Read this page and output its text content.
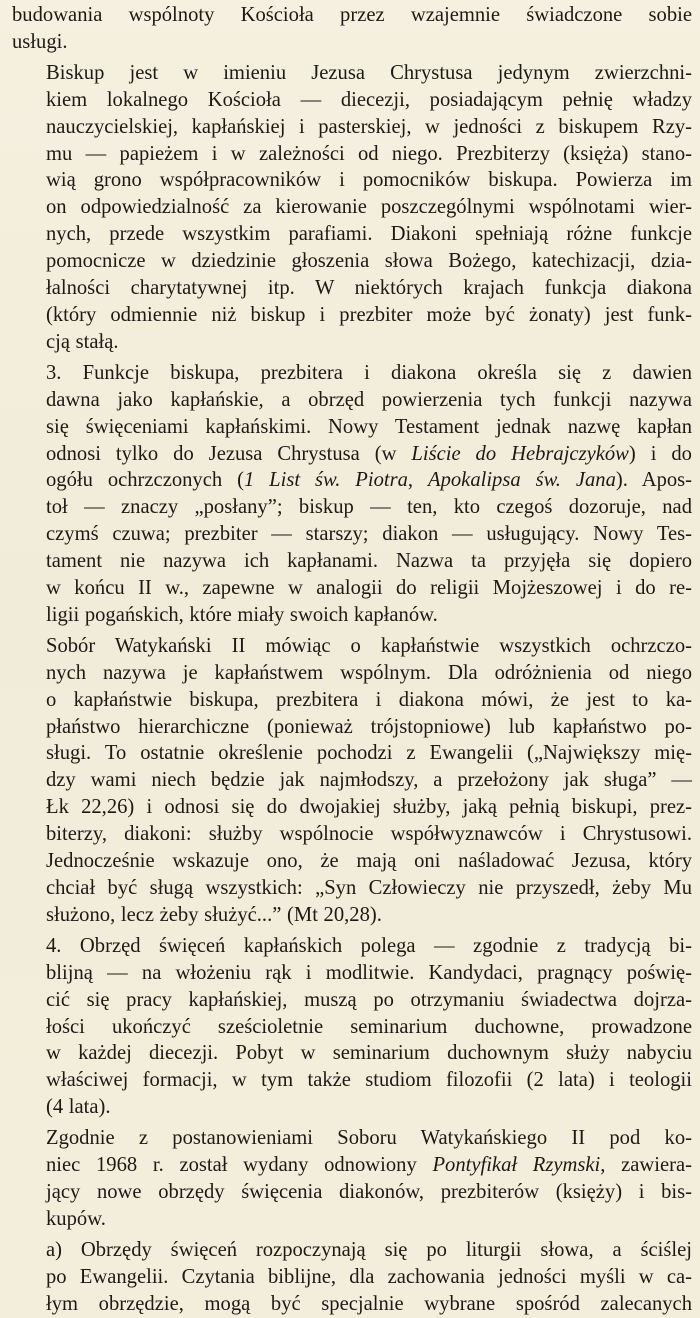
budowania wspólnoty Kościoła przez wzajemnie świadczone sobie
usługi.

Biskup jest w imieniu Jezusa Chrystusa jedynym zwierzchni-
kiem lokalnego Kościoła — diecezji, posiadającym pełnię władzy
nauczycielskiej, kapłańskiej i pasterskiej, w jedności z biskupem Rzy-
mu — papieżem i w zależności od niego. Prezbiterzy (księża) stano-
wią grono współpracowników i pomocników biskupa. Powierza im
on odpowiedzialność za kierowanie poszczególnymi wspólnotami wier-
nych, przede wszystkim parafiami. Diakoni spełniają różne funkcje
pomocnicze w dziedzinie głoszenia słowa Bożego, katechizacji, dzia-
łalności charytatywnej itp. W niektórych krajach funkcja diakona
(który odmiennie niż biskup i prezbiter może być żonaty) jest funk-
cją stałą.

3. Funkcje biskupa, prezbitera i diakona określa się z dawien
dawna jako kapłańskie, a obrzęd powierzenia tych funkcji nazywa
się święceniami kapłańskimi. Nowy Testament jednak nazwę kapłan
odnosi tylko do Jezusa Chrystusa (w Liście do Hebrajczyków) i do
ogółu ochrzczonych (1 List św. Piotra, Apokalipsa św. Jana). Apos-
toł — znaczy „posłany”; biskup — ten, kto czegoś dozoruje, nad
czymś czuwa; prezbiter — starszy; diakon — usługujący. Nowy Tes-
tament nie nazywa ich kapłanami. Nazwa ta przyjęła się dopiero
w końcu II w., zapewne w analogii do religii Mojżeszowej i do re-
ligii pogańskich, które miały swoich kapłanów.

Sobór Watykański II mówiąc o kapłaństwie wszystkich ochrzczo-
nych nazywa je kapłaństwem wspólnym. Dla odróżnienia od niego
o kapłaństwie biskupa, prezbitera i diakona mówi, że jest to ka-
płaństwo hierarchiczne (ponieważ trójstopniowe) lub kapłaństwo po-
sługi. To ostatnie określenie pochodzi z Ewangelii („Największy mię-
dzy wami niech będzie jak najmłodszy, a przełożony jak sługa” —
Łk 22,26) i odnosi się do dwojakiej służby, jaką pełnią biskupi, prez-
biterzy, diakoni: służby wspólnocie współwyznawców i Chrystusowi.
Jednocześnie wskazuje ono, że mają oni naśladować Jezusa, który
chciał być sługą wszystkich: „Syn Człowieczy nie przyszedł, żeby Mu
służono, lecz żeby służyć...” (Mt 20,28).

4. Obrzęd święceń kapłańskich polega — zgodnie z tradycją bi-
blijną — na włożeniu rąk i modlitwie. Kandydaci, pragnący poświę-
cić się pracy kapłańskiej, muszą po otrzymaniu świadectwa dojrza-
łości ukończyć sześcioletnie seminarium duchowne, prowadzone
w każdej diecezji. Pobyt w seminarium duchownym służy nabyciu
właściwej formacji, w tym także studiom filozofii (2 lata) i teologii
(4 lata).

Zgodnie z postanowieniami Soboru Watykańskiego II pod ko-
niec 1968 r. został wydany odnowiony Pontyfikał Rzymski, zawiera-
jący nowe obrzędy święcenia diakonów, prezbiterów (księży) i bis-
kupów.

a) Obrzędy święceń rozpoczynają się po liturgii słowa, a ściślej
po Ewangelii. Czytania biblijne, dla zachowania jedności myśli w ca-
łym obrzędzie, mogą być specjalnie wybrane spośród zalecanych
